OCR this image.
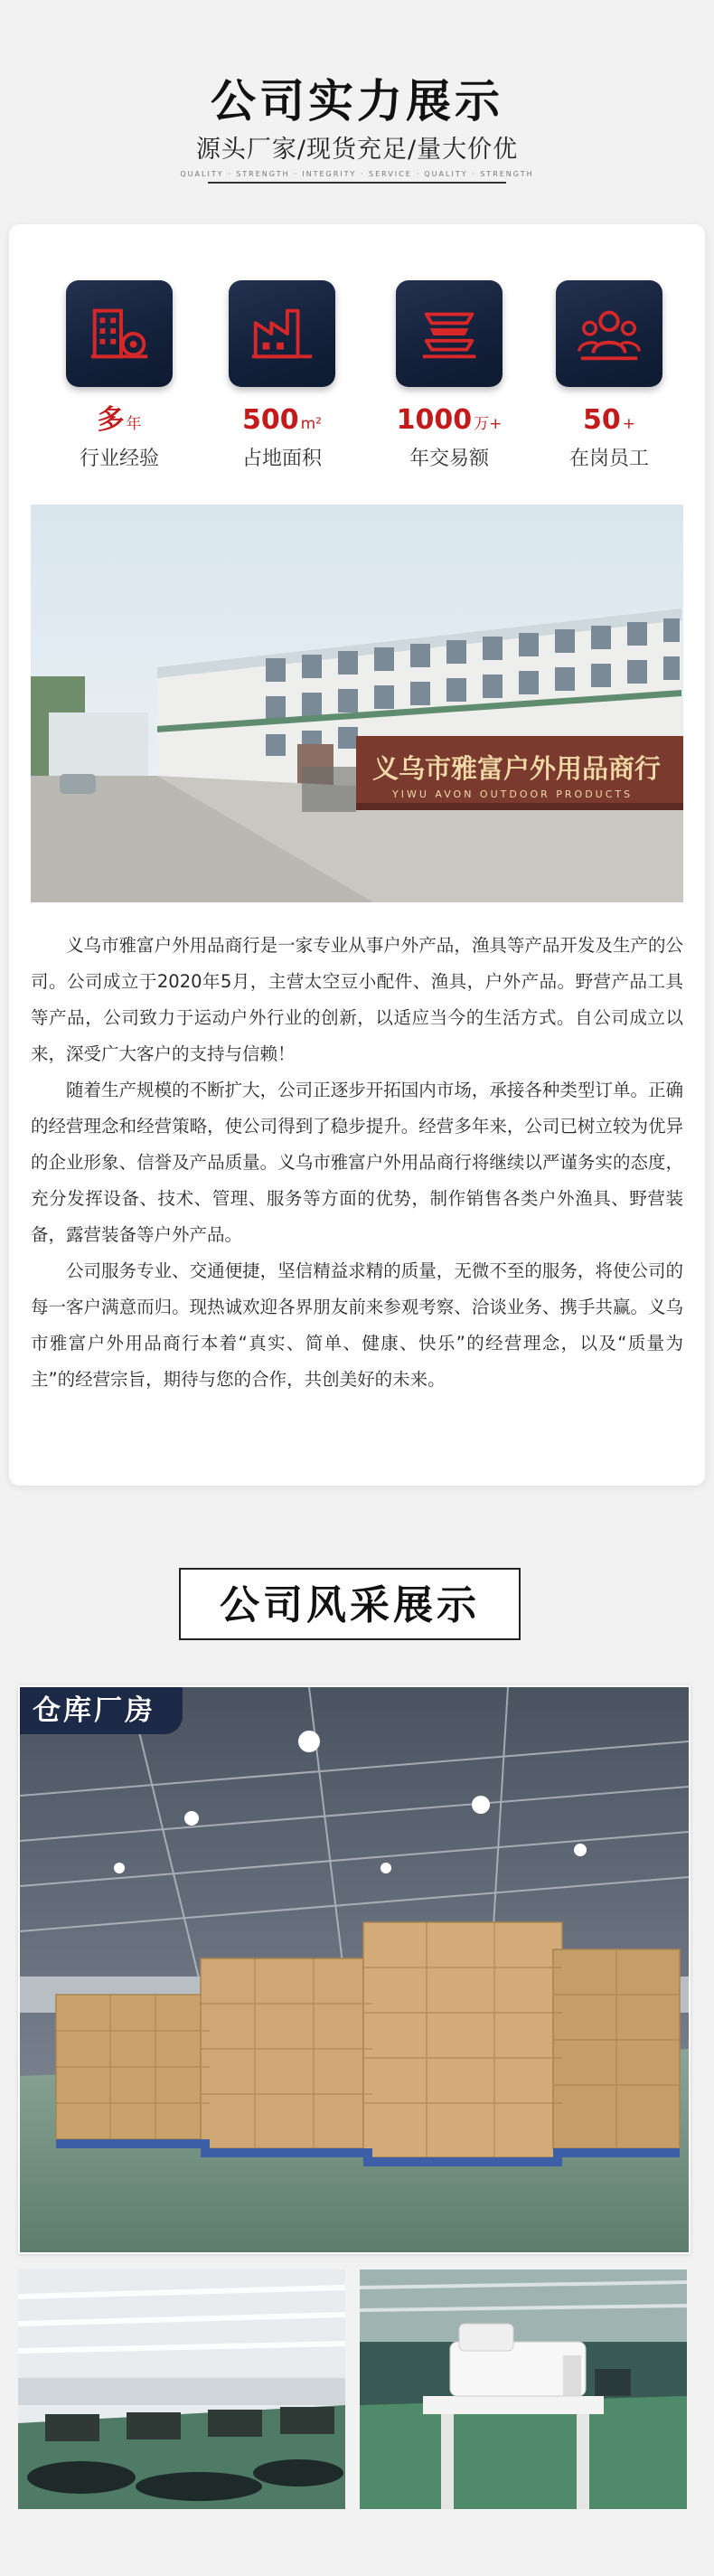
公司实力展示
源头厂家/现货充足/量大价优
QUALITY · STRENGTH · INTEGRITY · SERVICE · QUALITY · STRENGTH
多年
行业经验
500 m²
占地面积
1000 万+
年交易额
50 +
在岗员工
义乌市雅富户外用品商行
YIWU AVON OUTDOOR PRODUCTS

义乌市雅富户外用品商行是一家专业从事户外产品，渔具等产品开发及生产的公司。公司成立于2020年5月，主营太空豆小配件、渔具，户外产品。野营产品工具等产品，公司致力于运动户外行业的创新，以适应当今的生活方式。自公司成立以来，深受广大客户的支持与信赖！

随着生产规模的不断扩大，公司正逐步开拓国内市场，承接各种类型订单。正确的经营理念和经营策略，使公司得到了稳步提升。经营多年来，公司已树立较为优异的企业形象、信誉及产品质量。义乌市雅富户外用品商行将继续以严谨务实的态度，充分发挥设备、技术、管理、服务等方面的优势，制作销售各类户外渔具、野营装备，露营装备等户外产品。

公司服务专业、交通便捷，坚信精益求精的质量，无微不至的服务，将使公司的每一客户满意而归。现热诚欢迎各界朋友前来参观考察、洽谈业务、携手共赢。义乌市雅富户外用品商行本着“真实、简单、健康、快乐”的经营理念，以及“质量为主”的经营宗旨，期待与您的合作，共创美好的未来。

公司风采展示
仓库厂房
